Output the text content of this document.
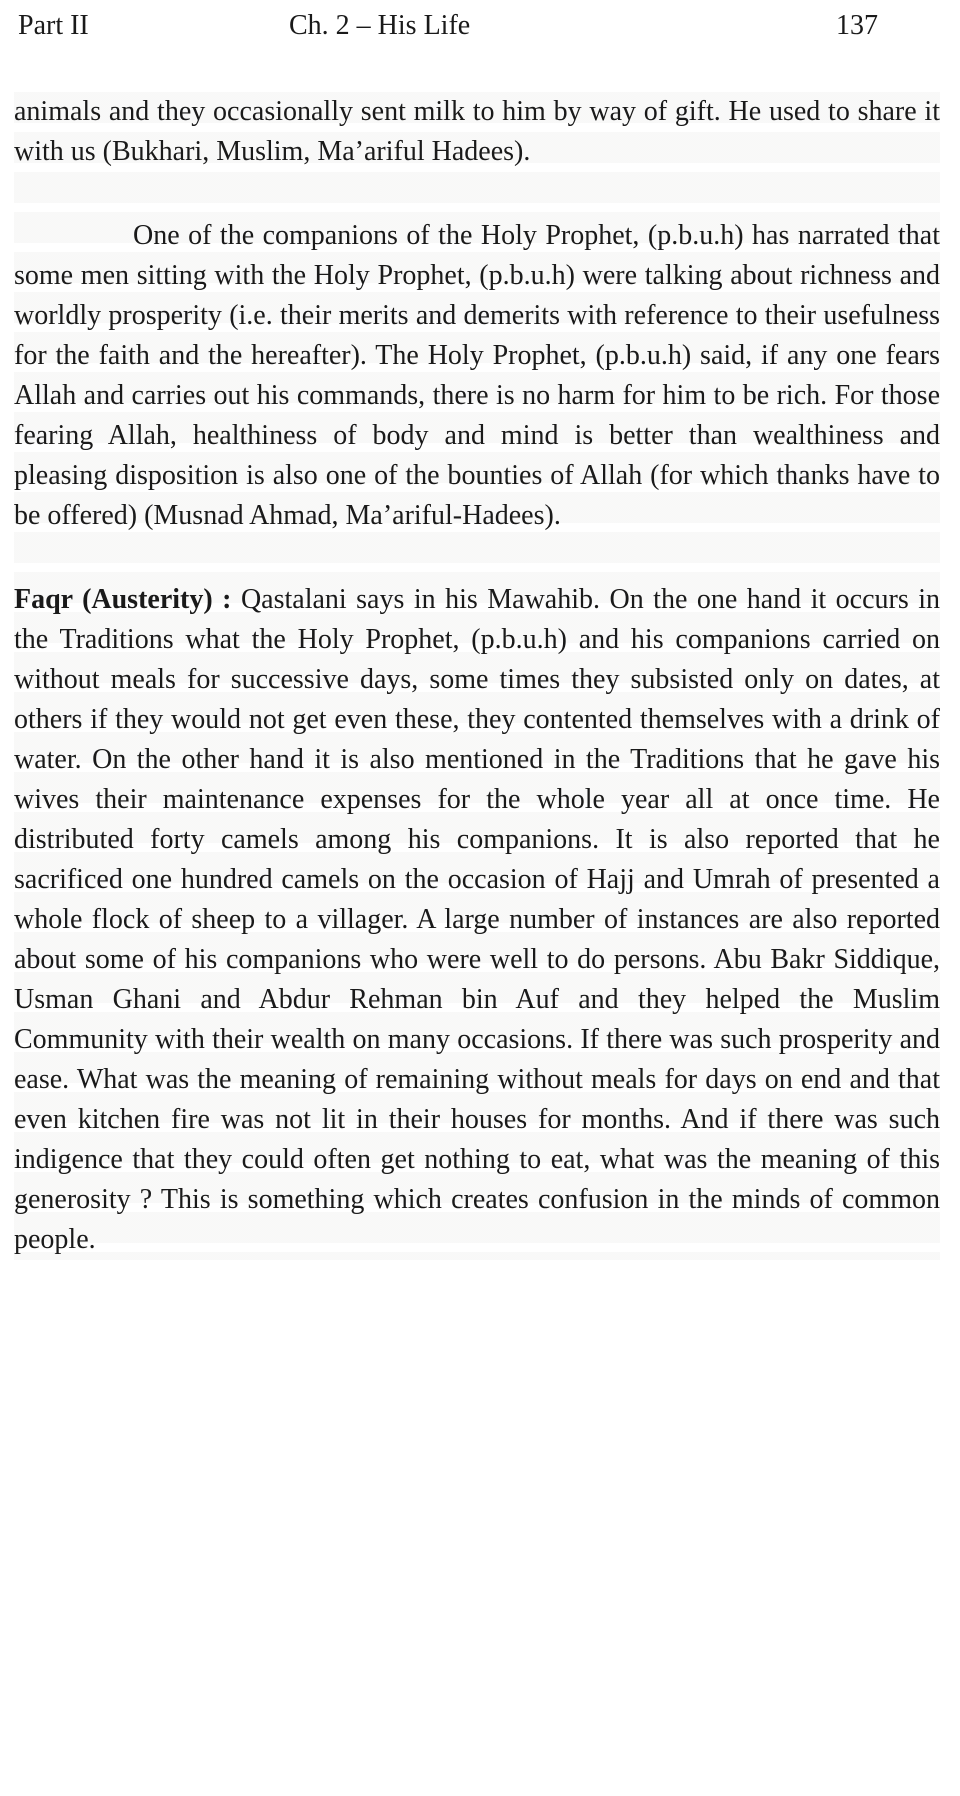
Part II	Ch. 2 – His Life	137

animals and they occasionally sent milk to him by way of gift. He used to share it with us (Bukhari, Muslim, Ma’ariful Hadees).

One of the companions of the Holy Prophet, (p.b.u.h) has narrated that some men sitting with the Holy Prophet, (p.b.u.h) were talking about richness and worldly prosperity (i.e. their merits and demerits with reference to their usefulness for the faith and the hereafter). The Holy Prophet, (p.b.u.h) said, if any one fears Allah and carries out his commands, there is no harm for him to be rich. For those fearing Allah, healthiness of body and mind is better than wealthiness and pleasing disposition is also one of the bounties of Allah (for which thanks have to be offered) (Musnad Ahmad, Ma’ariful-Hadees).

Faqr (Austerity) : Qastalani says in his Mawahib. On the one hand it occurs in the Traditions what the Holy Prophet, (p.b.u.h) and his companions carried on without meals for successive days, some times they subsisted only on dates, at others if they would not get even these, they contented themselves with a drink of water. On the other hand it is also mentioned in the Traditions that he gave his wives their maintenance expenses for the whole year all at once time. He distributed forty camels among his companions. It is also reported that he sacrificed one hundred camels on the occasion of Hajj and Umrah of presented a whole flock of sheep to a villager. A large number of instances are also reported about some of his companions who were well to do persons. Abu Bakr Siddique, Usman Ghani and Abdur Rehman bin Auf and they helped the Muslim Community with their wealth on many occasions. If there was such prosperity and ease. What was the meaning of remaining without meals for days on end and that even kitchen fire was not lit in their houses for months. And if there was such indigence that they could often get nothing to eat, what was the meaning of this generosity ? This is something which creates confusion in the minds of common people.
